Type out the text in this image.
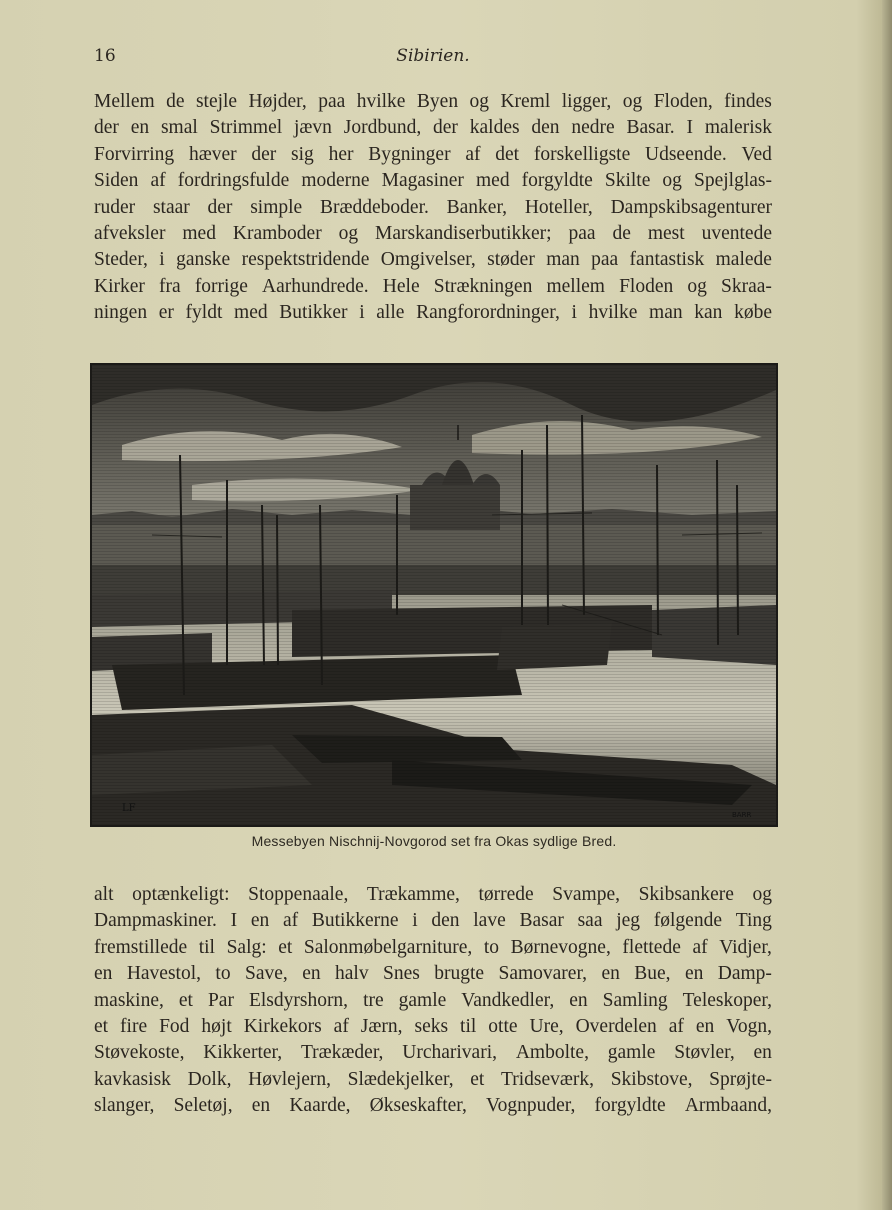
16	Sibirien.
Mellem de stejle Højder, paa hvilke Byen og Kreml ligger, og Floden, findes
der en smal Strimmel jævn Jordbund, der kaldes den nedre Basar. I malerisk
Forvirring hæver der sig her Bygninger af det forskelligste Udseende. Ved
Siden af fordringsfulde moderne Magasiner med forgyldte Skilte og Spejlglas-
ruder staar der simple Bræddeboder. Banker, Hoteller, Dampskibsagenturer
afveksler med Kramboder og Marskandiserbutikker; paa de mest uventede
Steder, i ganske respektstridende Omgivelser, støder man paa fantastisk malede
Kirker fra forrige Aarhundrede. Hele Strækningen mellem Floden og Skraa-
ningen er fyldt med Butikker i alle Rangforordninger, i hvilke man kan købe
LF
BARR
Messebyen Nischnij-Novgorod set fra Okas sydlige Bred.
alt optænkeligt: Stoppenaale, Trækamme, tørrede Svampe, Skibsankere og
Dampmaskiner. I en af Butikkerne i den lave Basar saa jeg følgende Ting
fremstillede til Salg: et Salonmøbelgarniture, to Børnevogne, flettede af Vidjer,
en Havestol, to Save, en halv Snes brugte Samovarer, en Bue, en Damp-
maskine, et Par Elsdyrshorn, tre gamle Vandkedler, en Samling Teleskoper,
et fire Fod højt Kirkekors af Jærn, seks til otte Ure, Overdelen af en Vogn,
Støvekoste, Kikkerter, Trækæder, Urcharivari, Ambolte, gamle Støvler, en
kavkasisk Dolk, Høvlejern, Slædekjelker, et Tridseværk, Skibstove, Sprøjte-
slanger, Seletøj, en Kaarde, Økseskafter, Vognpuder, forgyldte Armbaand,
